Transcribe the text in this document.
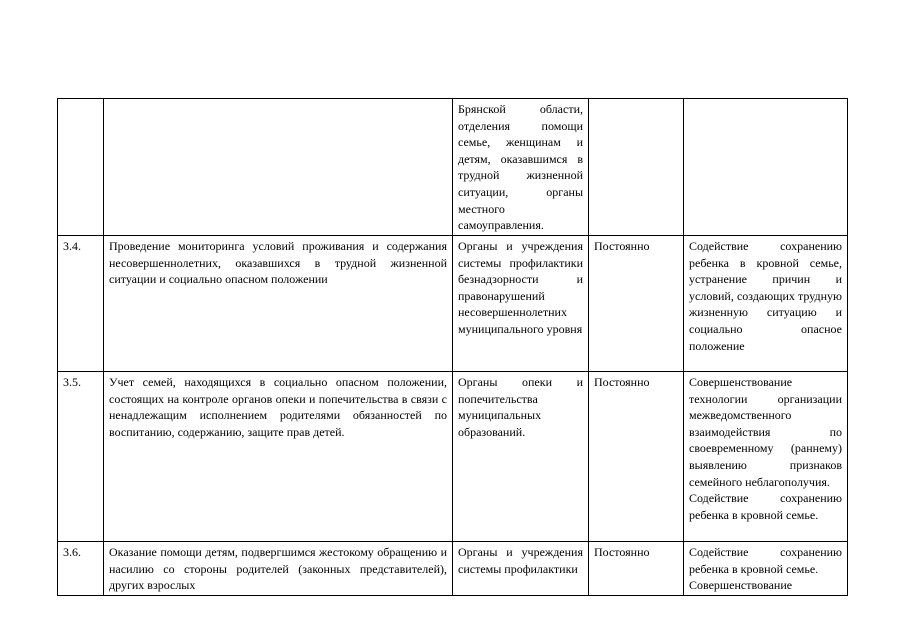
		Брянской области, отделения помощи семье, женщинам и детям, оказавшимся в трудной жизненной ситуации, органы местного самоуправления.		
3.4.	Проведение мониторинга условий проживания и содержания несовершеннолетних, оказавшихся в трудной жизненной ситуации и социально опасном положении	Органы и учреждения системы профилактики безнадзорности и правонарушений несовершеннолетних муниципального уровня	Постоянно	Содействие сохранению ребенка в кровной семье, устранение причин и условий, создающих трудную жизненную ситуацию и социально опасное положение
3.5.	Учет семей, находящихся в социально опасном положении, состоящих на контроле органов опеки и попечительства в связи с ненадлежащим исполнением родителями обязанностей по воспитанию, содержанию, защите прав детей.	Органы опеки и попечительства муниципальных образований.	Постоянно	Совершенствование технологии организации межведомственного взаимодействия по своевременному (раннему) выявлению признаков семейного неблагополучия.
Содействие сохранению ребенка в кровной семье.

3.6.	Оказание помощи детям, подвергшимся жестокому обращению и насилию со стороны родителей (законных представителей), других взрослых	Органы и учреждения системы профилактики	Постоянно	Содействие сохранению ребенка в кровной семье.
Совершенствование
